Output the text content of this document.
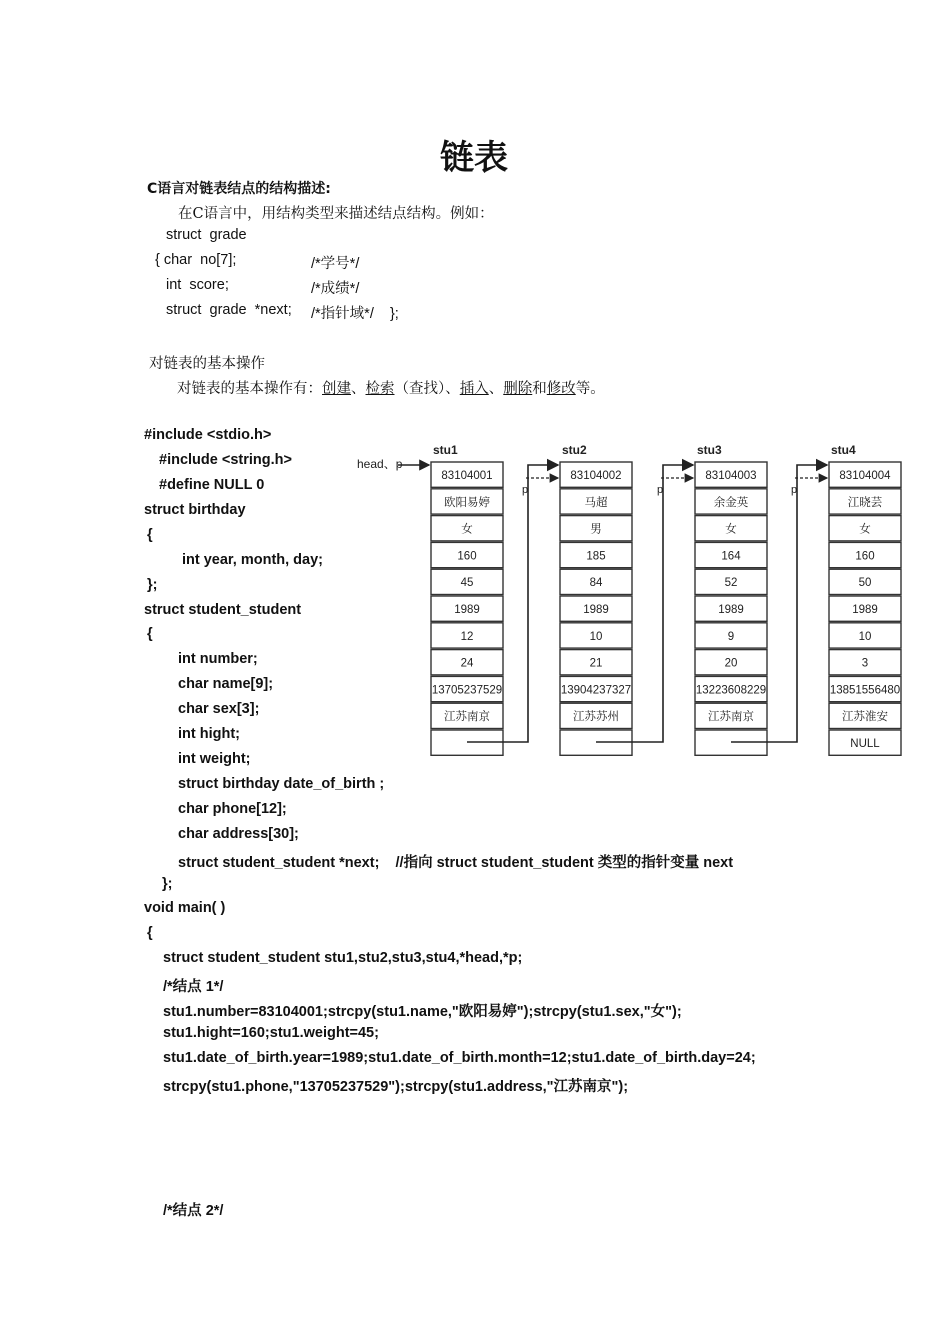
链表
C语言对链表结点的结构描述:
在C语言中，用结构类型来描述结点结构。例如：
struct  grade
{ char  no[7];	/*学号*/
int  score;	/*成绩*/
struct  grade  *next; /*指针域*/    };
对链表的基本操作
对链表的基本操作有：创建、检索（查找）、插入、删除和修改等。
#include <stdio.h>
#include <string.h>
#define NULL 0
struct birthday
{
int year, month, day;
};
struct student_student
{
int number;
char name[9];
char sex[3];
int hight;
int weight;
struct birthday date_of_birth ;
char phone[12];
char address[30];
struct student_student *next;    //指向 struct student_student 类型的指针变量 next
};
void main( )
{
struct student_student stu1,stu2,stu3,stu4,*head,*p;
/*结点 1*/
stu1.number=83104001;strcpy(stu1.name,"欧阳易婷");strcpy(stu1.sex,"女");
stu1.hight=160;stu1.weight=45;
stu1.date_of_birth.year=1989;stu1.date_of_birth.month=12;stu1.date_of_birth.day=24;
strcpy(stu1.phone,"13705237529");strcpy(stu1.address,"江苏南京");
/*结点 2*/
stu1
83104001
欧阳易婷
女
160
45
1989
12
24
13705237529
江苏南京
stu2
83104002
马超
男
185
84
1989
10
21
13904237327
江苏苏州
stu3
83104003
余金英
女
164
52
1989
9
20
13223608229
江苏南京
stu4
83104004
江晓芸
女
160
50
1989
10
3
13851556480
江苏淮安
NULL
head、p
p	p	p
